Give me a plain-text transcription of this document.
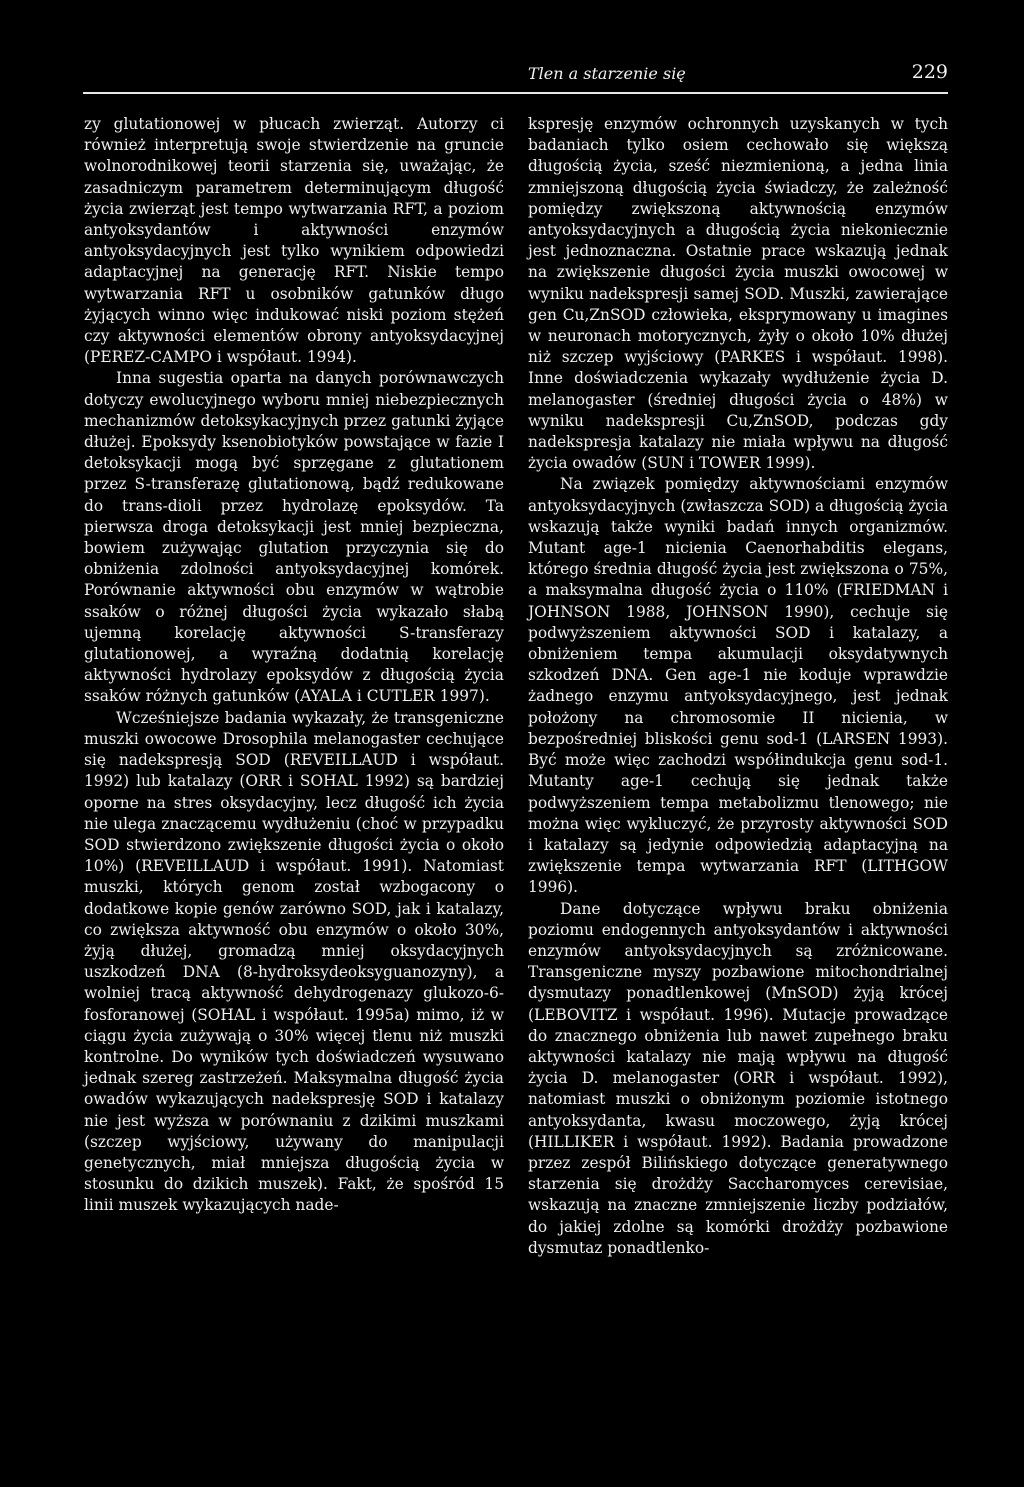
Tlen a starzenie się	229

zy glutationowej w płucach zwierząt. Autorzy ci również interpretują swoje stwierdzenie na gruncie wolnorodnikowej teorii starzenia się, uważając, że zasadniczym parametrem determinującym długość życia zwierząt jest tempo wytwarzania RFT, a poziom antyoksydantów i aktywności enzymów antyoksydacyjnych jest tylko wynikiem odpowiedzi adaptacyjnej na generację RFT. Niskie tempo wytwarzania RFT u osobników gatunków długo żyjących winno więc indukować niski poziom stężeń czy aktywności elementów obrony antyoksydacyjnej (PEREZ-CAMPO i współaut. 1994).

Inna sugestia oparta na danych porównawczych dotyczy ewolucyjnego wyboru mniej niebezpiecznych mechanizmów detoksykacyjnych przez gatunki żyjące dłużej. Epoksydy ksenobiotyków powstające w fazie I detoksykacji mogą być sprzęgane z glutationem przez S-transferazę glutationową, bądź redukowane do trans-dioli przez hydrolazę epoksydów. Ta pierwsza droga detoksykacji jest mniej bezpieczna, bowiem zużywając glutation przyczynia się do obniżenia zdolności antyoksydacyjnej komórek. Porównanie aktywności obu enzymów w wątrobie ssaków o różnej długości życia wykazało słabą ujemną korelację aktywności S-transferazy glutationowej, a wyraźną dodatnią korelację aktywności hydrolazy epoksydów z długością życia ssaków różnych gatunków (AYALA i CUTLER 1997).

Wcześniejsze badania wykazały, że transgeniczne muszki owocowe Drosophila melanogaster cechujące się nadekspresją SOD (REVEILLAUD i współaut. 1992) lub katalazy (ORR i SOHAL 1992) są bardziej oporne na stres oksydacyjny, lecz długość ich życia nie ulega znaczącemu wydłużeniu (choć w przypadku SOD stwierdzono zwiększenie długości życia o około 10%) (REVEILLAUD i współaut. 1991). Natomiast muszki, których genom został wzbogacony o dodatkowe kopie genów zarówno SOD, jak i katalazy, co zwiększa aktywność obu enzymów o około 30%, żyją dłużej, gromadzą mniej oksydacyjnych uszkodzeń DNA (8-hydroksydeoksyguanozyny), a wolniej tracą aktywność dehydrogenazy glukozo-6-fosforanowej (SOHAL i współaut. 1995a) mimo, iż w ciągu życia zużywają o 30% więcej tlenu niż muszki kontrolne. Do wyników tych doświadczeń wysuwano jednak szereg zastrzeżeń. Maksymalna długość życia owadów wykazujących nadekspresję SOD i katalazy nie jest wyższa w porównaniu z dzikimi muszkami (szczep wyjściowy, używany do manipulacji genetycznych, miał mniejsza długością życia w stosunku do dzikich muszek). Fakt, że spośród 15 linii muszek wykazujących nade-

kspresję enzymów ochronnych uzyskanych w tych badaniach tylko osiem cechowało się większą długością życia, sześć niezmienioną, a jedna linia zmniejszoną długością życia świadczy, że zależność pomiędzy zwiększoną aktywnością enzymów antyoksydacyjnych a długością życia niekoniecznie jest jednoznaczna. Ostatnie prace wskazują jednak na zwiększenie długości życia muszki owocowej w wyniku nadekspresji samej SOD. Muszki, zawierające gen Cu,ZnSOD człowieka, eksprymowany u imagines w neuronach motorycznych, żyły o około 10% dłużej niż szczep wyjściowy (PARKES i współaut. 1998). Inne doświadczenia wykazały wydłużenie życia D. melanogaster (średniej długości życia o 48%) w wyniku nadekspresji Cu,ZnSOD, podczas gdy nadekspresja katalazy nie miała wpływu na długość życia owadów (SUN i TOWER 1999).

Na związek pomiędzy aktywnościami enzymów antyoksydacyjnych (zwłaszcza SOD) a długością życia wskazują także wyniki badań innych organizmów. Mutant age-1 nicienia Caenorhabditis elegans, którego średnia długość życia jest zwiększona o 75%, a maksymalna długość życia o 110% (FRIEDMAN i JOHNSON 1988, JOHNSON 1990), cechuje się podwyższeniem aktywności SOD i katalazy, a obniżeniem tempa akumulacji oksydatywnych szkodzeń DNA. Gen age-1 nie koduje wprawdzie żadnego enzymu antyoksydacyjnego, jest jednak położony na chromosomie II nicienia, w bezpośredniej bliskości genu sod-1 (LARSEN 1993). Być może więc zachodzi współindukcja genu sod-1. Mutanty age-1 cechują się jednak także podwyższeniem tempa metabolizmu tlenowego; nie można więc wykluczyć, że przyrosty aktywności SOD i katalazy są jedynie odpowiedzią adaptacyjną na zwiększenie tempa wytwarzania RFT (LITHGOW 1996).

Dane dotyczące wpływu braku obniżenia poziomu endogennych antyoksydantów i aktywności enzymów antyoksydacyjnych są zróżnicowane. Transgeniczne myszy pozbawione mitochondrialnej dysmutazy ponadtlenkowej (MnSOD) żyją krócej (LEBOVITZ i współaut. 1996). Mutacje prowadzące do znacznego obniżenia lub nawet zupełnego braku aktywności katalazy nie mają wpływu na długość życia D. melanogaster (ORR i współaut. 1992), natomiast muszki o obniżonym poziomie istotnego antyoksydanta, kwasu moczowego, żyją krócej (HILLIKER i współaut. 1992). Badania prowadzone przez zespół Bilińskiego dotyczące generatywnego starzenia się drożdży Saccharomyces cerevisiae, wskazują na znaczne zmniejszenie liczby podziałów, do jakiej zdolne są komórki drożdży pozbawione dysmutaz ponadtlenko-
